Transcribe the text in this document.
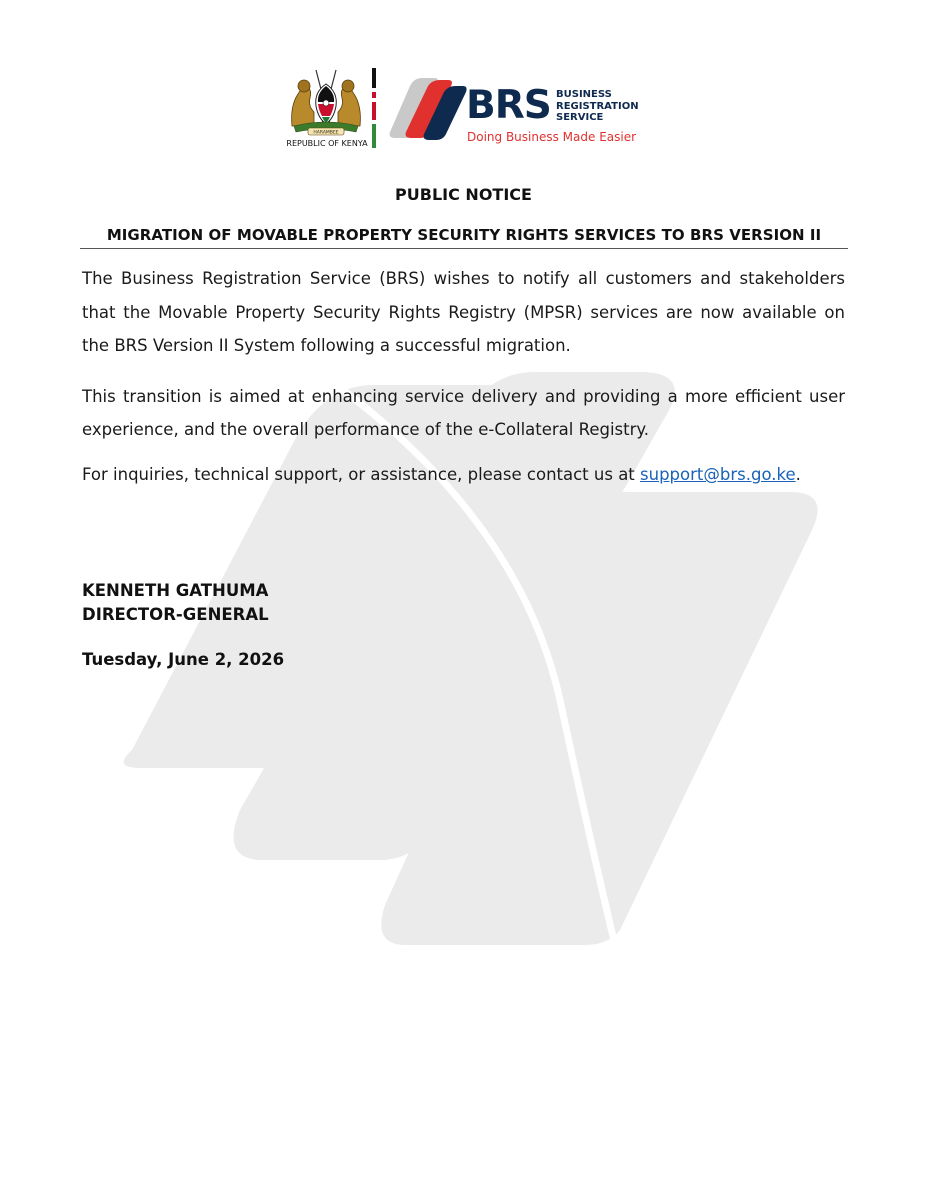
HARAMBEE
REPUBLIC OF KENYA
BRS BUSINESS
REGISTRATION
SERVICE
Doing Business Made Easier
PUBLIC NOTICE
MIGRATION OF MOVABLE PROPERTY SECURITY RIGHTS SERVICES TO BRS VERSION II

The Business Registration Service (BRS) wishes to notify all customers and stakeholders that the Movable Property Security Rights Registry (MPSR) services are now available on the BRS Version II System following a successful migration.

This transition is aimed at enhancing service delivery and providing a more efficient user experience, and the overall performance of the e-Collateral Registry.

For inquiries, technical support, or assistance, please contact us at support@brs.go.ke.

KENNETH GATHUMA
DIRECTOR-GENERAL
Tuesday, June 2, 2026
